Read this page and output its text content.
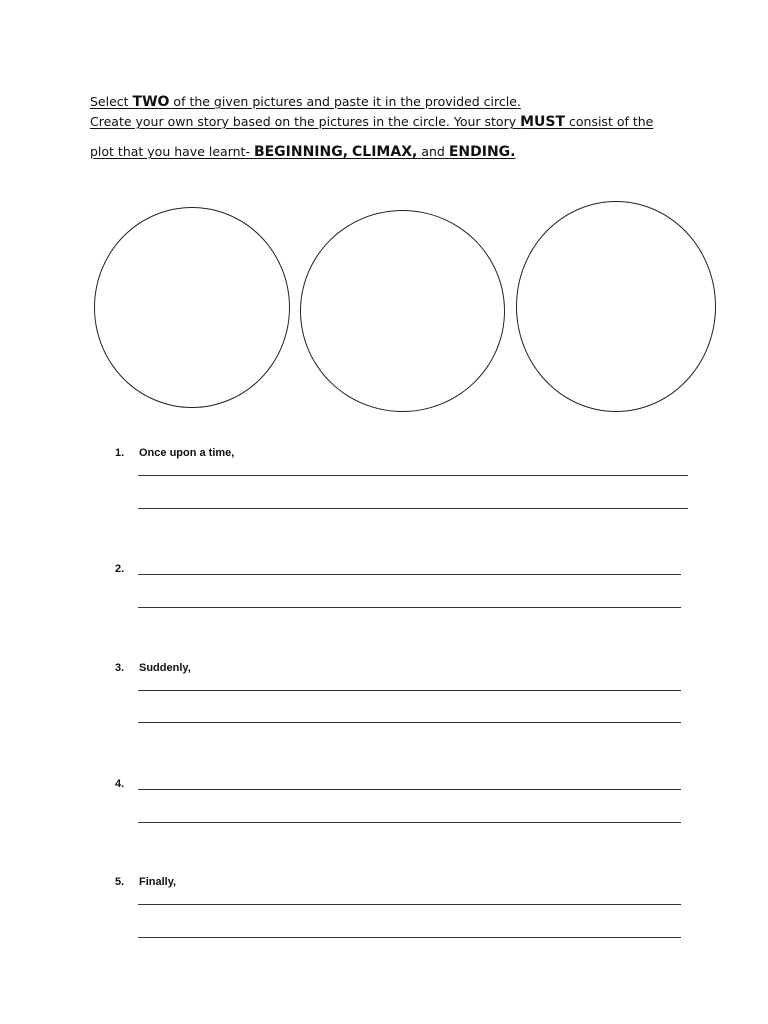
Select TWO of the given pictures and paste it in the provided circle.
Create your own story based on the pictures in the circle. Your story MUST consist of the
plot that you have learnt- BEGINNING, CLIMAX, and ENDING.
1. Once upon a time,
2.
3. Suddenly,
4.
5. Finally,
